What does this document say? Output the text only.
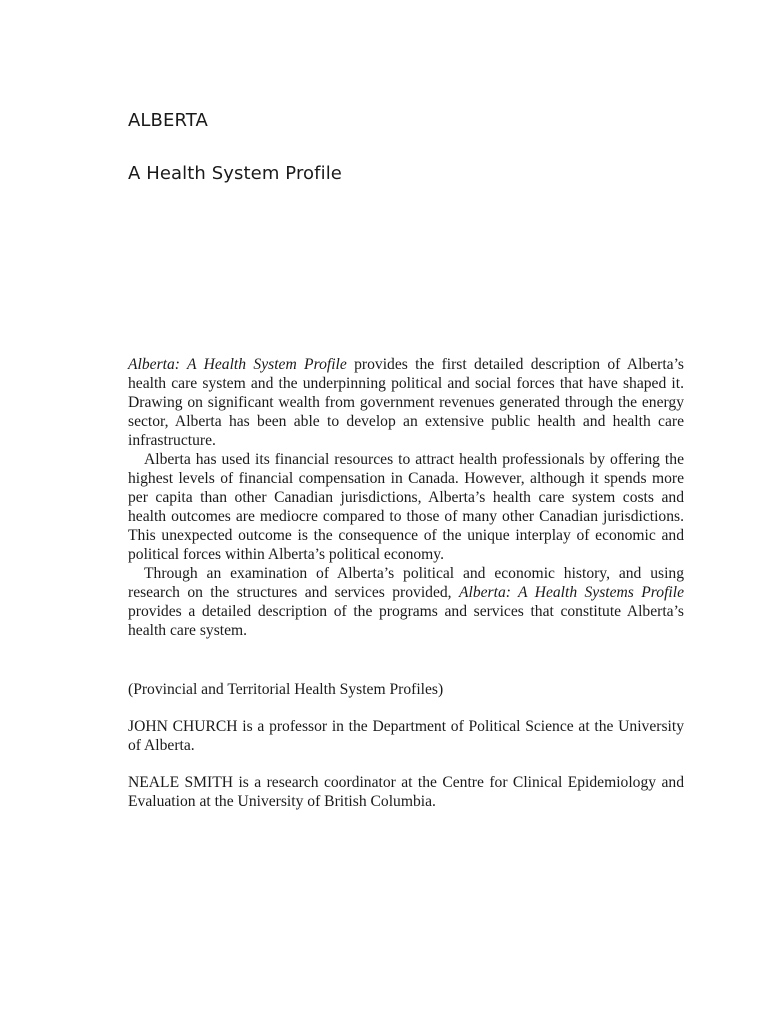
ALBERTA
A Health System Profile

Alberta: A Health System Profile provides the first detailed description of Alberta’s health care system and the underpinning political and social forces that have shaped it. Drawing on significant wealth from government revenues generated through the energy sector, Alberta has been able to develop an extensive public health and health care infrastructure.

Alberta has used its financial resources to attract health professionals by offering the highest levels of financial compensation in Canada. However, although it spends more per capita than other Canadian jurisdictions, Alberta’s health care system costs and health outcomes are mediocre compared to those of many other Canadian jurisdictions. This unexpected outcome is the consequence of the unique interplay of economic and political forces within Alberta’s political economy.

Through an examination of Alberta’s political and economic history, and using research on the structures and services provided, Alberta: A Health Systems Profile provides a detailed description of the programs and services that constitute Alberta’s health care system.

(Provincial and Territorial Health System Profiles)

JOHN CHURCH is a professor in the Department of Political Science at the University of Alberta.

NEALE SMITH is a research coordinator at the Centre for Clinical Epidemiology and Evaluation at the University of British Columbia.
